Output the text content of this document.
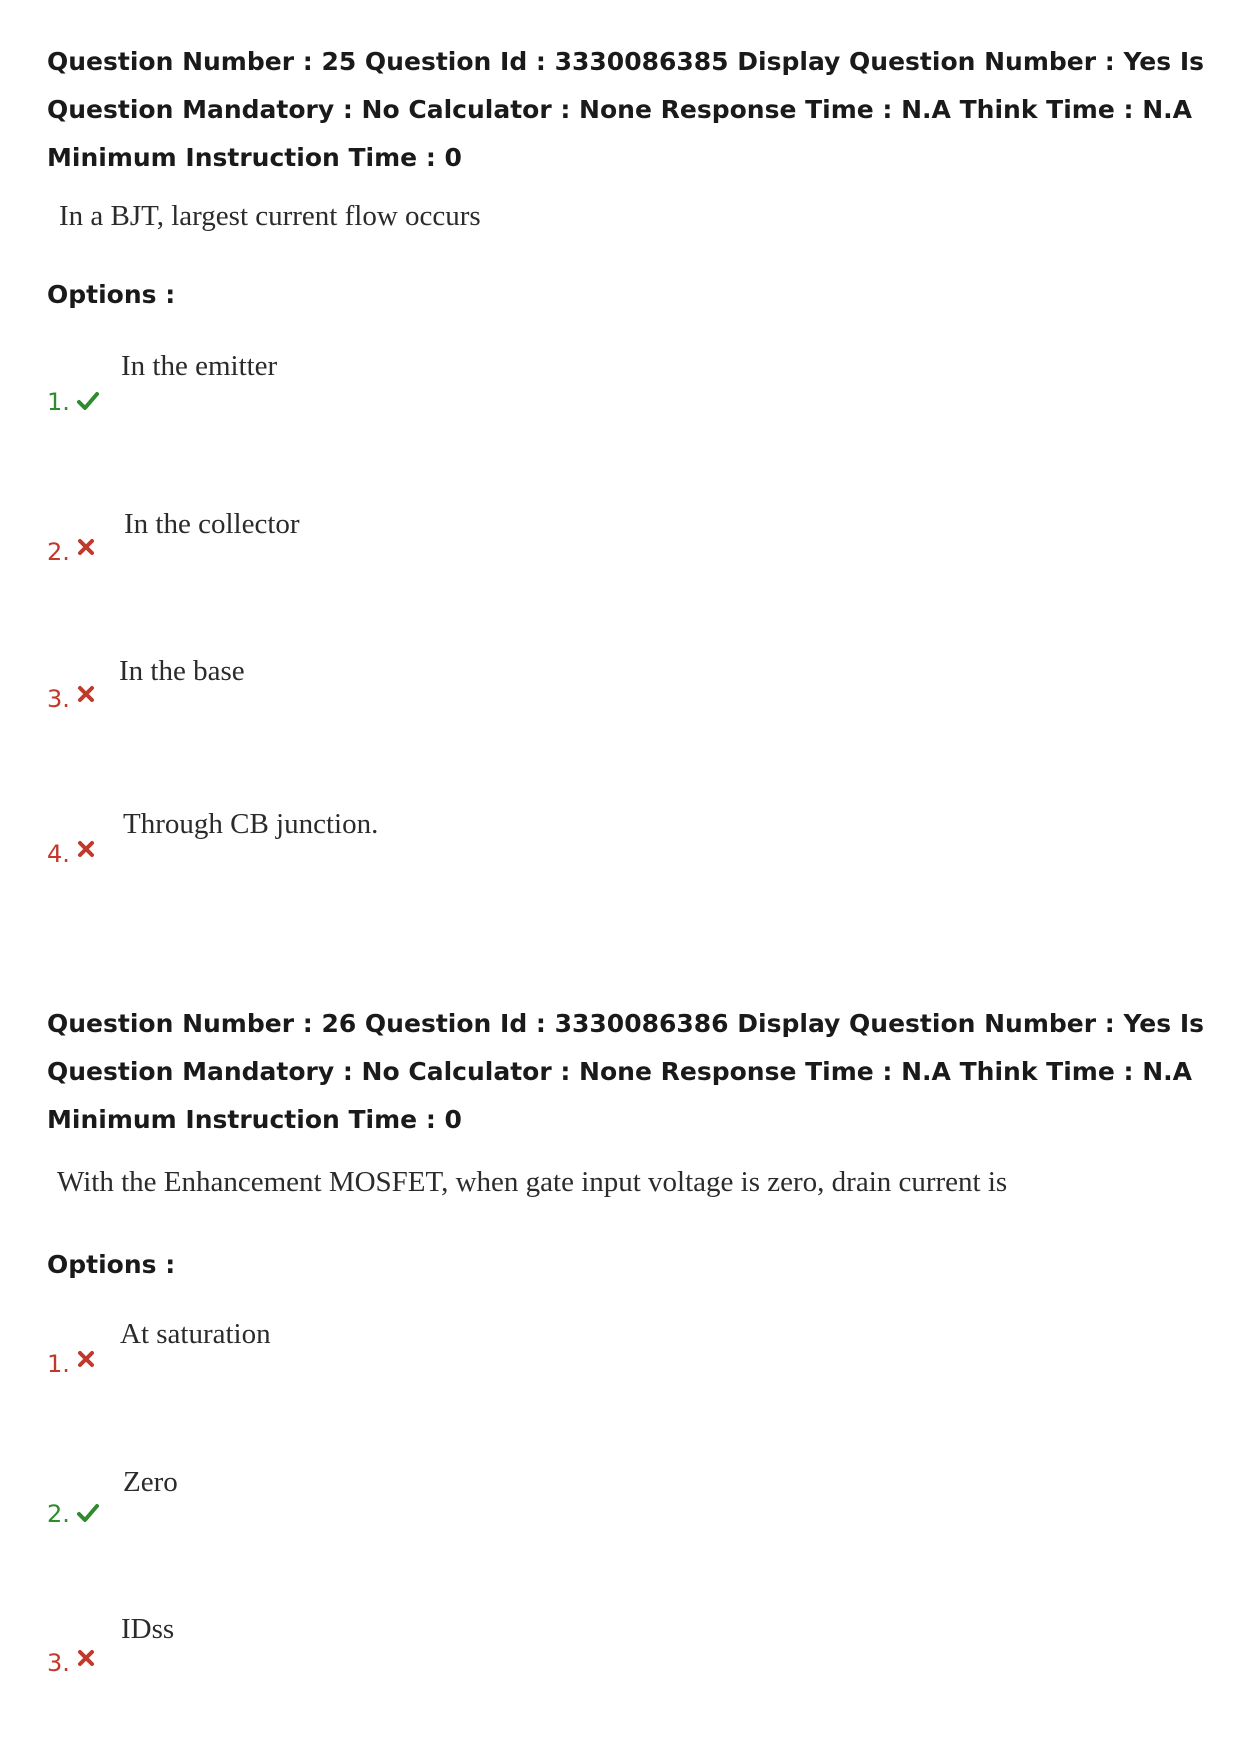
Question Number : 25 Question Id : 3330086385 Display Question Number : Yes Is Question Mandatory : No Calculator : None Response Time : N.A Think Time : N.A Minimum Instruction Time : 0

In a BJT, largest current flow occurs

Options :

1.
In the emitter
2.
In the collector
3.
In the base
4.
Through CB junction.

Question Number : 26 Question Id : 3330086386 Display Question Number : Yes Is Question Mandatory : No Calculator : None Response Time : N.A Think Time : N.A Minimum Instruction Time : 0

With the Enhancement MOSFET, when gate input voltage is zero, drain current is

Options :

1.
At saturation
2.
Zero
3.
IDss
